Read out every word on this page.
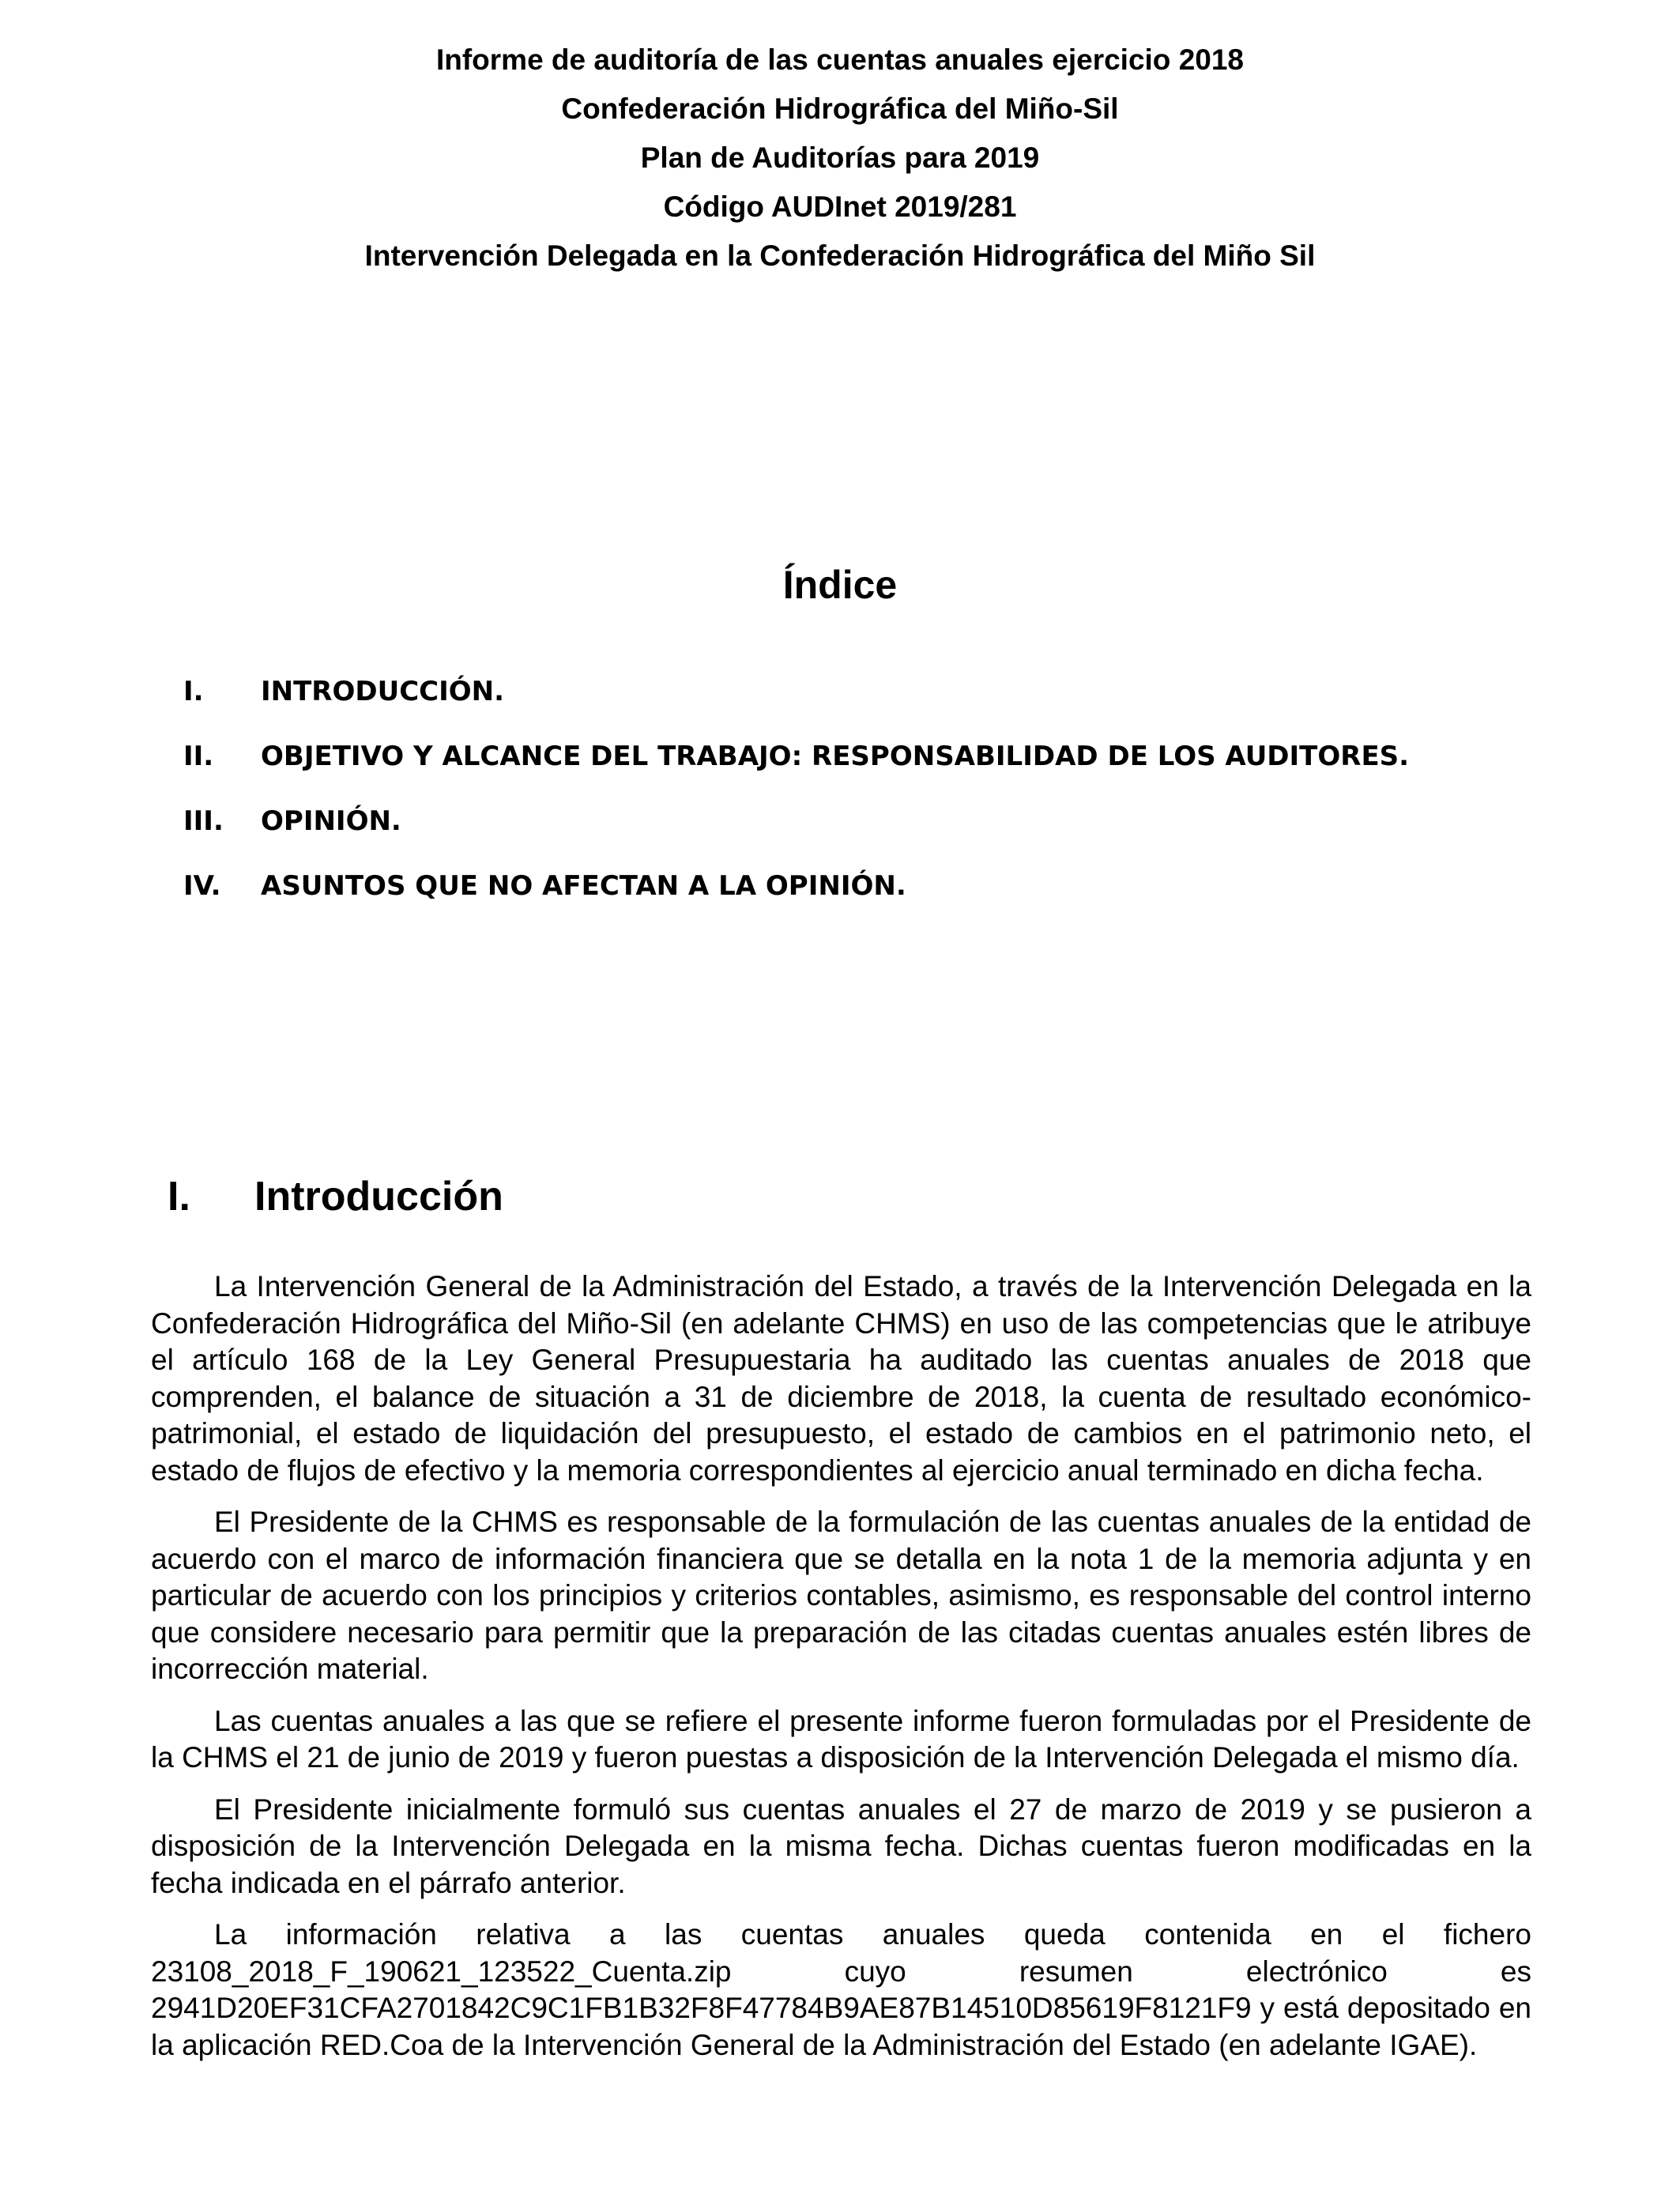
Informe de auditoría de las cuentas anuales ejercicio 2018
Confederación Hidrográfica del Miño-Sil
Plan de Auditorías para 2019
Código AUDInet 2019/281
Intervención Delegada en la Confederación Hidrográfica del Miño Sil
Índice
I.	INTRODUCCIÓN.
II.	OBJETIVO Y ALCANCE DEL TRABAJO: RESPONSABILIDAD DE LOS AUDITORES.
III.	OPINIÓN.
IV.	ASUNTOS QUE NO AFECTAN A LA OPINIÓN.
I.	Introducción

La Intervención General de la Administración del Estado, a través de la Intervención Delegada en la Confederación Hidrográfica del Miño-Sil (en adelante CHMS) en uso de las competencias que le atribuye el artículo 168 de la Ley General Presupuestaria ha auditado las cuentas anuales de 2018 que comprenden, el balance de situación a 31 de diciembre de 2018, la cuenta de resultado económico-patrimonial, el estado de liquidación del presupuesto, el estado de cambios en el patrimonio neto, el estado de flujos de efectivo y la memoria correspondientes al ejercicio anual terminado en dicha fecha.

El Presidente de la CHMS es responsable de la formulación de las cuentas anuales de la entidad de acuerdo con el marco de información financiera que se detalla en la nota 1 de la memoria adjunta y en particular de acuerdo con los principios y criterios contables, asimismo, es responsable del control interno que considere necesario para permitir que la preparación de las citadas cuentas anuales estén libres de incorrección material.

Las cuentas anuales a las que se refiere el presente informe fueron formuladas por el Presidente de la CHMS el 21 de junio de 2019 y fueron puestas a disposición de la Intervención Delegada el mismo día.

El Presidente inicialmente formuló sus cuentas anuales el 27 de marzo de 2019 y se pusieron a disposición de la Intervención Delegada en la misma fecha. Dichas cuentas fueron modificadas en la fecha indicada en el párrafo anterior.

La información relativa a las cuentas anuales queda contenida en el fichero 23108_2018_F_190621_123522_Cuenta.zip cuyo resumen electrónico es 2941D20EF31CFA2701842C9C1FB1B32F8F47784B9AE87B14510D85619F8121F9 y está depositado en la aplicación RED.Coa de la Intervención General de la Administración del Estado (en adelante IGAE).
